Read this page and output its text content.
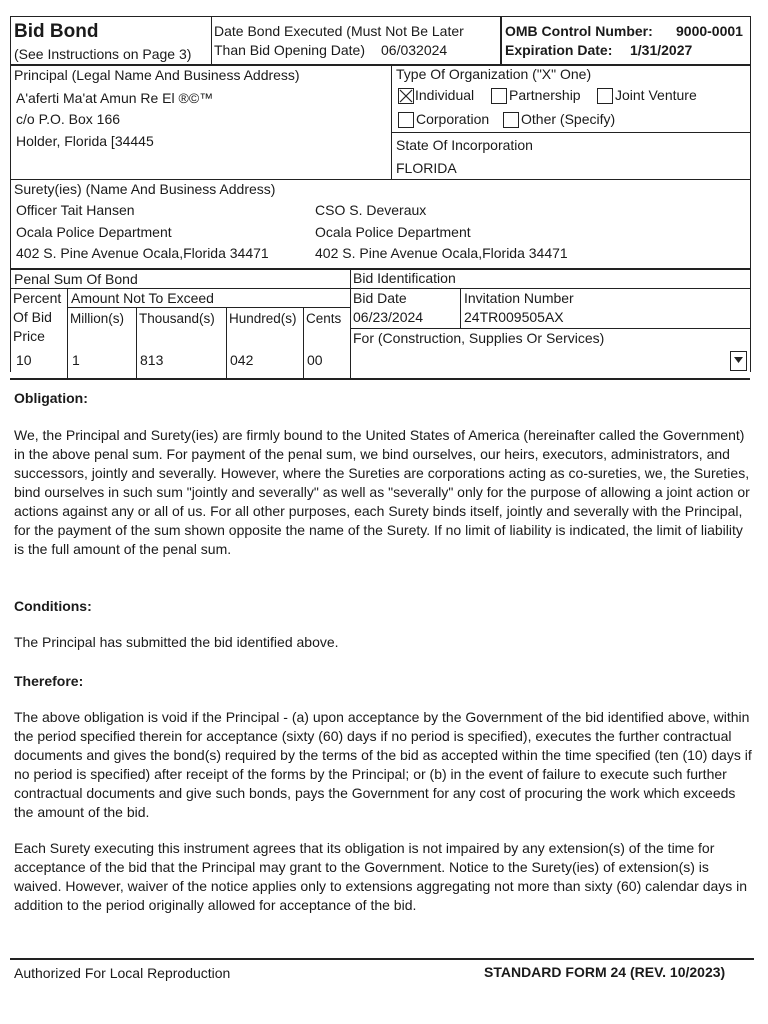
Bid Bond
(See Instructions on Page 3)
Date Bond Executed (Must Not Be Later
Than Bid Opening Date) 06/032024
OMB Control Number: 9000-0001
Expiration Date: 1/31/2027
Principal (Legal Name And Business Address)
A'aferti Ma'at Amun Re El ®©™
c/o P.O. Box 166
Holder, Florida [34445
Type Of Organization ("X" One)
Individual Partnership Joint Venture
Corporation Other (Specify)
State Of Incorporation
FLORIDA
Surety(ies) (Name And Business Address)
Officer Tait Hansen
Ocala Police Department
402 S. Pine Avenue Ocala,Florida 34471
CSO S. Deveraux
Ocala Police Department
402 S. Pine Avenue Ocala,Florida 34471
Penal Sum Of Bond
Percent
Of Bid
Price
Amount Not To Exceed
Million(s) Thousand(s) Hundred(s) Cents
10	1	813	042	00
Bid Identification
Bid Date
06/23/2024
Invitation Number
24TR009505AX
For (Construction, Supplies Or Services)
Obligation:
We, the Principal and Surety(ies) are firmly bound to the United States of America (hereinafter called the Government) in the above penal sum. For payment of the penal sum, we bind ourselves, our heirs, executors, administrators, and successors, jointly and severally. However, where the Sureties are corporations acting as co-sureties, we, the Sureties, bind ourselves in such sum "jointly and severally" as well as "severally" only for the purpose of allowing a joint action or actions against any or all of us. For all other purposes, each Surety binds itself, jointly and severally with the Principal, for the payment of the sum shown opposite the name of the Surety. If no limit of liability is indicated, the limit of liability is the full amount of the penal sum.
Conditions:
The Principal has submitted the bid identified above.
Therefore:
The above obligation is void if the Principal - (a) upon acceptance by the Government of the bid identified above, within the period specified therein for acceptance (sixty (60) days if no period is specified), executes the further contractual documents and gives the bond(s) required by the terms of the bid as accepted within the time specified (ten (10) days if no period is specified) after receipt of the forms by the Principal; or (b) in the event of failure to execute such further contractual documents and give such bonds, pays the Government for any cost of procuring the work which exceeds the amount of the bid.
Each Surety executing this instrument agrees that its obligation is not impaired by any extension(s) of the time for acceptance of the bid that the Principal may grant to the Government. Notice to the Surety(ies) of extension(s) is waived. However, waiver of the notice applies only to extensions aggregating not more than sixty (60) calendar days in addition to the period originally allowed for acceptance of the bid.
Authorized For Local Reproduction	STANDARD FORM 24 (REV. 10/2023)
